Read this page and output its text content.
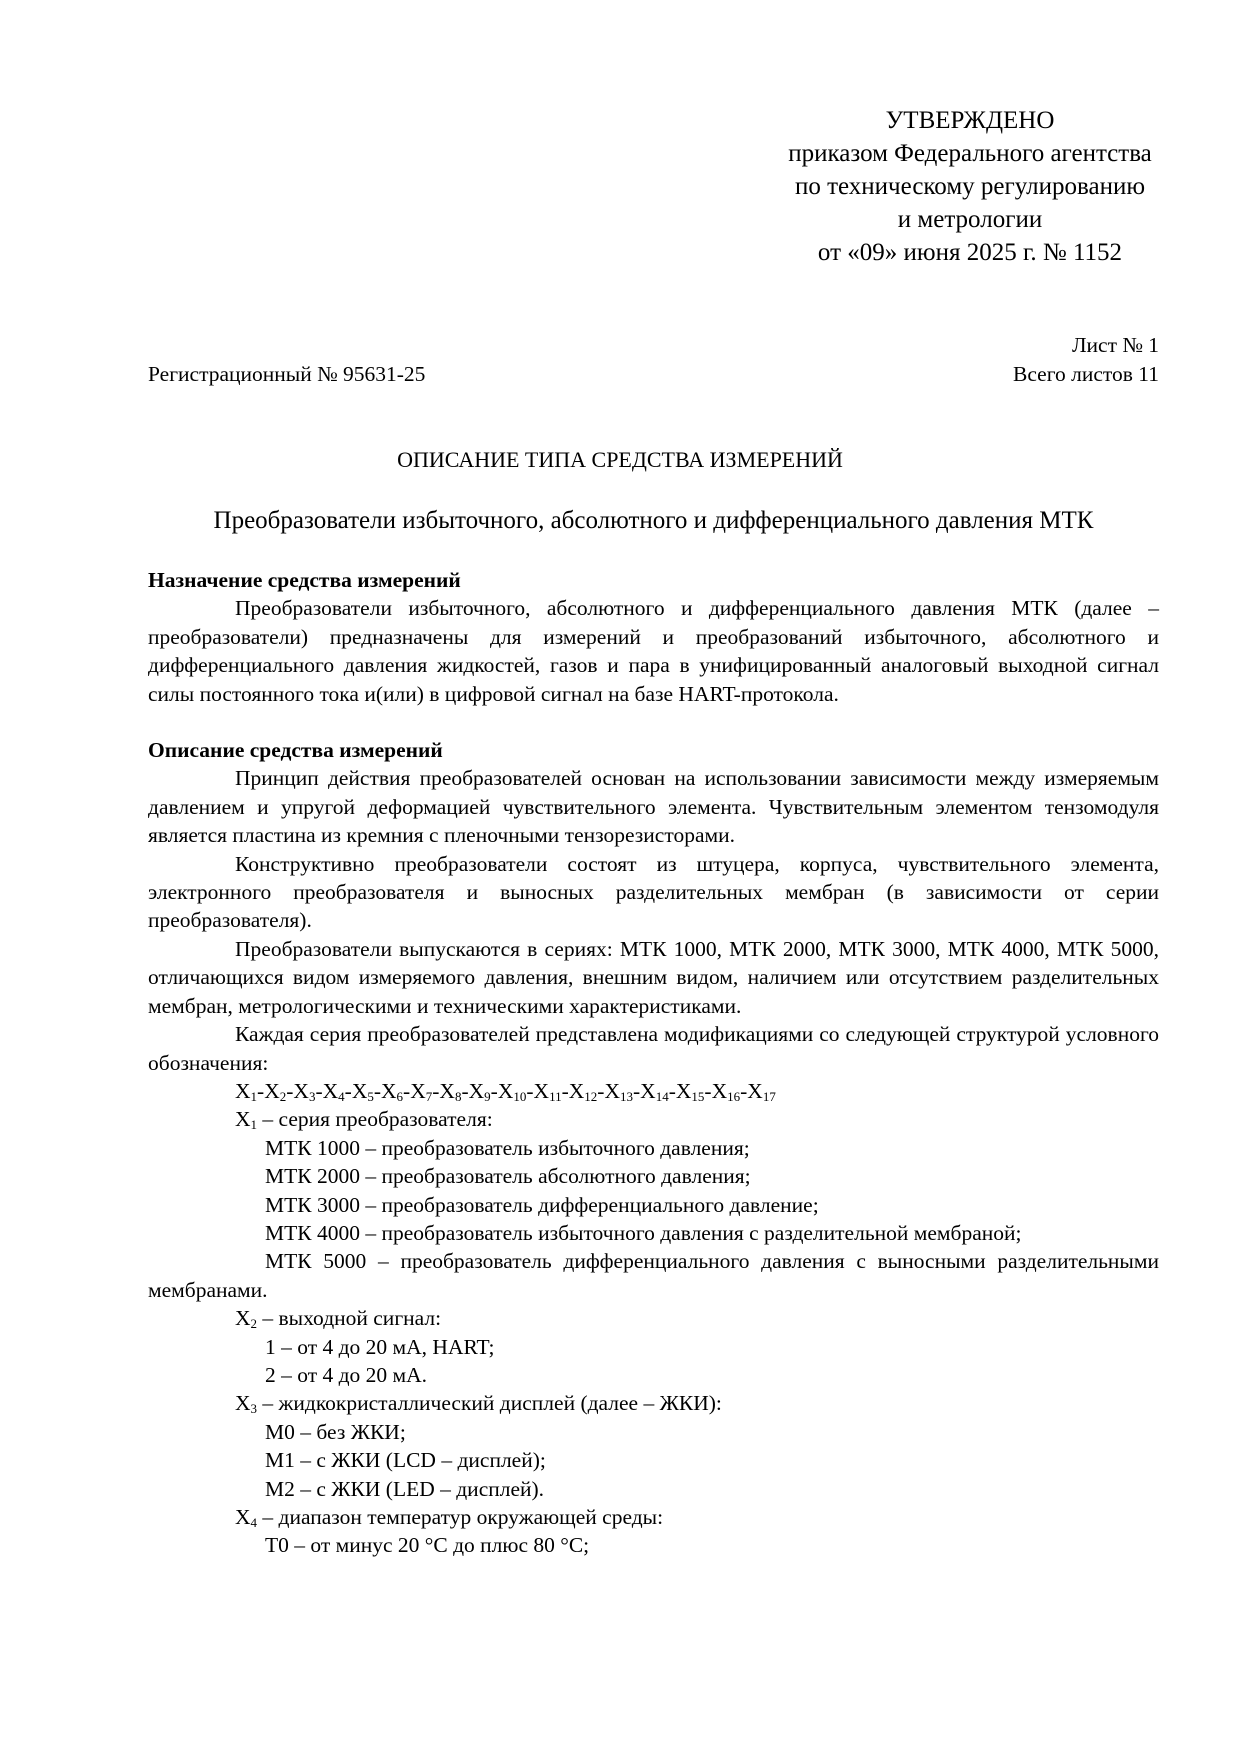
УТВЕРЖДЕНО
приказом Федерального агентства
по техническому регулированию
и метрологии
от «09» июня 2025 г. № 1152
Лист № 1
Регистрационный № 95631-25	Всего листов 11
ОПИСАНИЕ ТИПА СРЕДСТВА ИЗМЕРЕНИЙ
Преобразователи избыточного, абсолютного и дифференциального давления МТК
Назначение средства измерений
Преобразователи избыточного, абсолютного и дифференциального давления МТК (далее – преобразователи) предназначены для измерений и преобразований избыточного, абсолютного и дифференциального давления жидкостей, газов и пара в унифицированный аналоговый выходной сигнал силы постоянного тока и(или) в цифровой сигнал на базе HART-протокола.
Описание средства измерений
Принцип действия преобразователей основан на использовании зависимости между измеряемым давлением и упругой деформацией чувствительного элемента. Чувствительным элементом тензомодуля является пластина из кремния с пленочными тензорезисторами.
Конструктивно преобразователи состоят из штуцера, корпуса, чувствительного элемента, электронного преобразователя и выносных разделительных мембран (в зависимости от серии преобразователя).
Преобразователи выпускаются в сериях: МТК 1000, МТК 2000, МТК 3000, МТК 4000, МТК 5000, отличающихся видом измеряемого давления, внешним видом, наличием или отсутствием разделительных мембран, метрологическими и техническими характеристиками.
Каждая серия преобразователей представлена модификациями со следующей структурой условного обозначения:
$X_1-X_2-X_3-X_4-X_5-X_6-X_7-X_8-X_9-X_{10}-X_{11}-X_{12}-X_{13}-X_{14}-X_{15}-X_{16}-X_{17}$
$X_1$ – серия преобразователя:
МТК 1000 – преобразователь избыточного давления;
МТК 2000 – преобразователь абсолютного давления;
МТК 3000 – преобразователь дифференциального давление;
МТК 4000 – преобразователь избыточного давления с разделительной мембраной;
МТК 5000 – преобразователь дифференциального давления с выносными разделительными мембранами.
$X_2$ – выходной сигнал:
1 – от 4 до 20 мА, HART;
2 – от 4 до 20 мА.
$X_3$ – жидкокристаллический дисплей (далее – ЖКИ):
M0 – без ЖКИ;
M1 – с ЖКИ (LCD – дисплей);
M2 – с ЖКИ (LED – дисплей).
$X_4$ – диапазон температур окружающей среды:
T0 – от минус 20 °C до плюс 80 °C;
